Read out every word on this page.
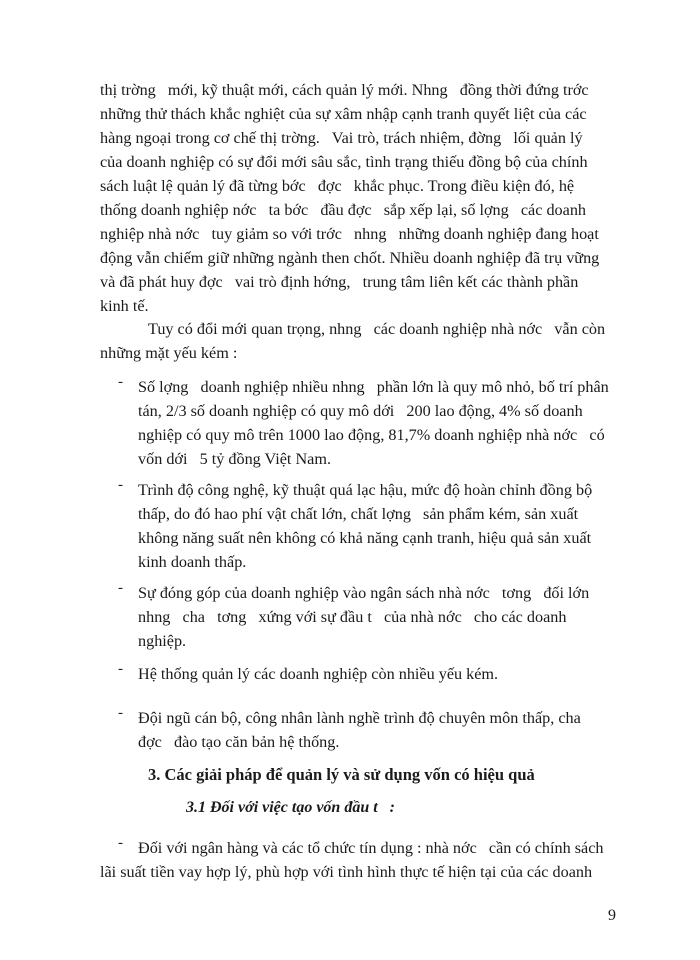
thị trờng   mới, kỹ thuật mới, cách quản lý mới. Nhng   đồng thời đứng trớc
những thử thách khắc nghiệt của sự xâm nhập cạnh tranh quyết liệt của các
hàng ngoại trong cơ chế thị trờng.   Vai trò, trách nhiệm, đờng   lối quản lý
của doanh nghiệp có sự đổi mới sâu sắc, tình trạng thiếu đồng bộ của chính
sách luật lệ quản lý đã từng bớc   đợc   khắc phục. Trong điều kiện đó, hệ
thống doanh nghiệp nớc   ta bớc   đầu đợc   sắp xếp lại, số lợng   các doanh
nghiệp nhà nớc   tuy giảm so với trớc   nhng   những doanh nghiệp đang hoạt
động vẫn chiếm giữ những ngành then chốt. Nhiều doanh nghiệp đã trụ vững
và đã phát huy đợc   vai trò định hớng,   trung tâm liên kết các thành phần
kinh tế.
Tuy có đổi mới quan trọng, nhng   các doanh nghiệp nhà nớc   vẫn còn
những mặt yếu kém :
- Số lợng   doanh nghiệp nhiều nhng   phần lớn là quy mô nhỏ, bố trí phân
tán, 2/3 số doanh nghiệp có quy mô dới   200 lao động, 4% số doanh
nghiệp có quy mô trên 1000 lao động, 81,7% doanh nghiệp nhà nớc   có
vốn dới   5 tỷ đồng Việt Nam.
- Trình độ công nghệ, kỹ thuật quá lạc hậu, mức độ hoàn chỉnh đồng bộ
thấp, do đó hao phí vật chất lớn, chất lợng   sản phẩm kém, sản xuất
không năng suất nên không có khả năng cạnh tranh, hiệu quả sản xuất
kinh doanh thấp.
- Sự đóng góp của doanh nghiệp vào ngân sách nhà nớc   tơng   đối lớn
nhng   cha   tơng   xứng với sự đầu t   của nhà nớc   cho các doanh
nghiệp.
- Hệ thống quản lý các doanh nghiệp còn nhiều yếu kém.
- Đội ngũ cán bộ, công nhân lành nghề trình độ chuyên môn thấp, cha
đợc   đào tạo căn bản hệ thống.
3. Các giải pháp để quản lý và sử dụng vốn có hiệu quả
3.1 Đối với việc tạo vốn đầu t   :
- Đối với ngân hàng và các tổ chức tín dụng : nhà nớc   cần có chính sách
lãi suất tiền vay hợp lý, phù hợp với tình hình thực tế hiện tại của các doanh
9
